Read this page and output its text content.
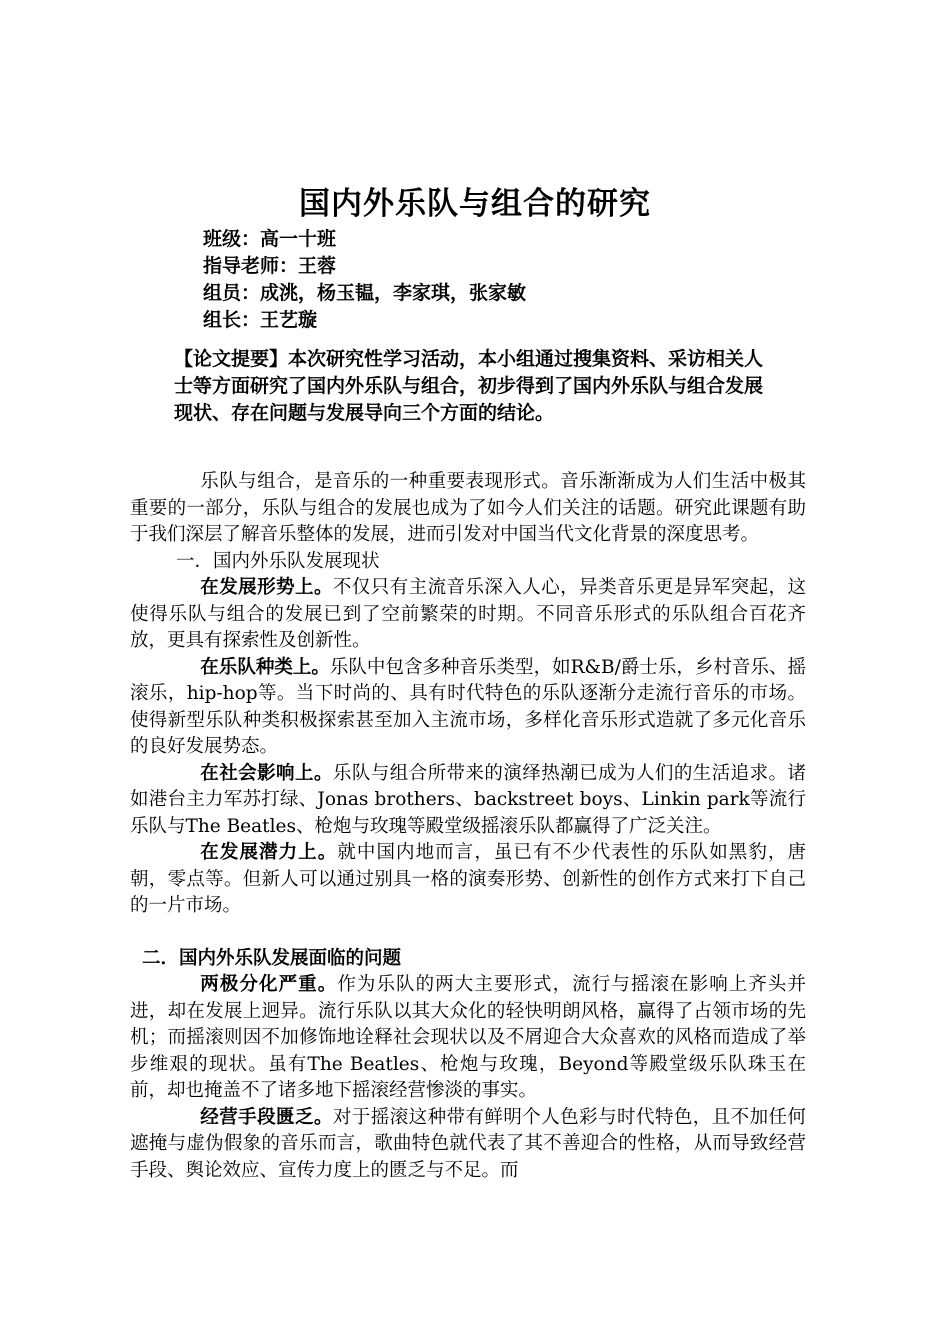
国内外乐队与组合的研究
班级：高一十班
指导老师：王蓉
组员：成洮，杨玉韫，李家琪，张家敏
组长：王艺璇
【论文提要】本次研究性学习活动，本小组通过搜集资料、采访相关人士等方面研究了国内外乐队与组合，初步得到了国内外乐队与组合发展现状、存在问题与发展导向三个方面的结论。

乐队与组合，是音乐的一种重要表现形式。音乐渐渐成为人们生活中极其重要的一部分，乐队与组合的发展也成为了如今人们关注的话题。研究此课题有助于我们深层了解音乐整体的发展，进而引发对中国当代文化背景的深度思考。

一．国内外乐队发展现状

在发展形势上。不仅只有主流音乐深入人心，异类音乐更是异军突起，这使得乐队与组合的发展已到了空前繁荣的时期。不同音乐形式的乐队组合百花齐放，更具有探索性及创新性。

在乐队种类上。乐队中包含多种音乐类型，如R&B/爵士乐，乡村音乐、摇滚乐，hip-hop等。当下时尚的、具有时代特色的乐队逐渐分走流行音乐的市场。使得新型乐队种类积极探索甚至加入主流市场，多样化音乐形式造就了多元化音乐的良好发展势态。

在社会影响上。乐队与组合所带来的演绎热潮已成为人们的生活追求。诸如港台主力军苏打绿、Jonas brothers、backstreet boys、Linkin park等流行乐队与The Beatles、枪炮与玫瑰等殿堂级摇滚乐队都赢得了广泛关注。

在发展潜力上。就中国内地而言，虽已有不少代表性的乐队如黑豹，唐朝，零点等。但新人可以通过别具一格的演奏形势、创新性的创作方式来打下自己的一片市场。

二．国内外乐队发展面临的问题

两极分化严重。作为乐队的两大主要形式，流行与摇滚在影响上齐头并进，却在发展上迥异。流行乐队以其大众化的轻快明朗风格，赢得了占领市场的先机；而摇滚则因不加修饰地诠释社会现状以及不屑迎合大众喜欢的风格而造成了举步维艰的现状。虽有The Beatles、枪炮与玫瑰，Beyond等殿堂级乐队珠玉在前，却也掩盖不了诸多地下摇滚经营惨淡的事实。

经营手段匮乏。对于摇滚这种带有鲜明个人色彩与时代特色，且不加任何遮掩与虚伪假象的音乐而言，歌曲特色就代表了其不善迎合的性格，从而导致经营手段、舆论效应、宣传力度上的匮乏与不足。而
